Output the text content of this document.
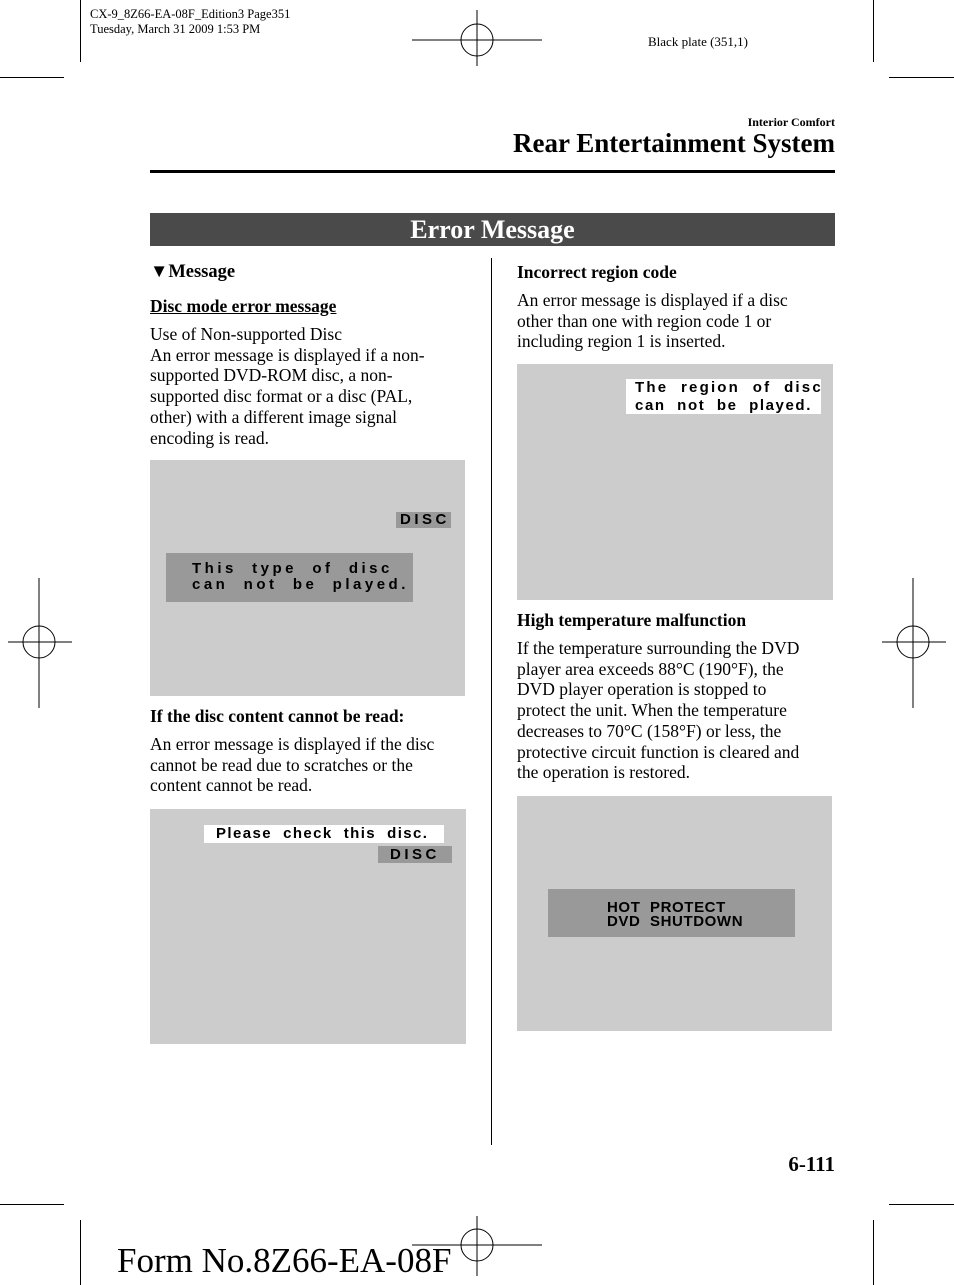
CX-9_8Z66-EA-08F_Edition3 Page351
Tuesday, March 31 2009 1:53 PM
Black plate (351,1)
Interior Comfort
Rear Entertainment System
Error Message
▼Message
Disc mode error message
Use of Non-supported Disc
An error message is displayed if a non-
supported DVD-ROM disc, a non-
supported disc format or a disc (PAL,
other) with a different image signal
encoding is read.
DISC
This  type  of  disc
can  not  be  played.
If the disc content cannot be read:
An error message is displayed if the disc
cannot be read due to scratches or the
content cannot be read.
Please  check  this  disc.
DISC
Incorrect region code
An error message is displayed if a disc
other than one with region code 1 or
including region 1 is inserted.
The  region  of  disc
can  not  be  played.
High temperature malfunction
If the temperature surrounding the DVD
player area exceeds 88°C (190°F), the
DVD player operation is stopped to
protect the unit. When the temperature
decreases to 70°C (158°F) or less, the
protective circuit function is cleared and
the operation is restored.
HOT  PROTECT
DVD  SHUTDOWN
6-111
Form No.8Z66-EA-08F
